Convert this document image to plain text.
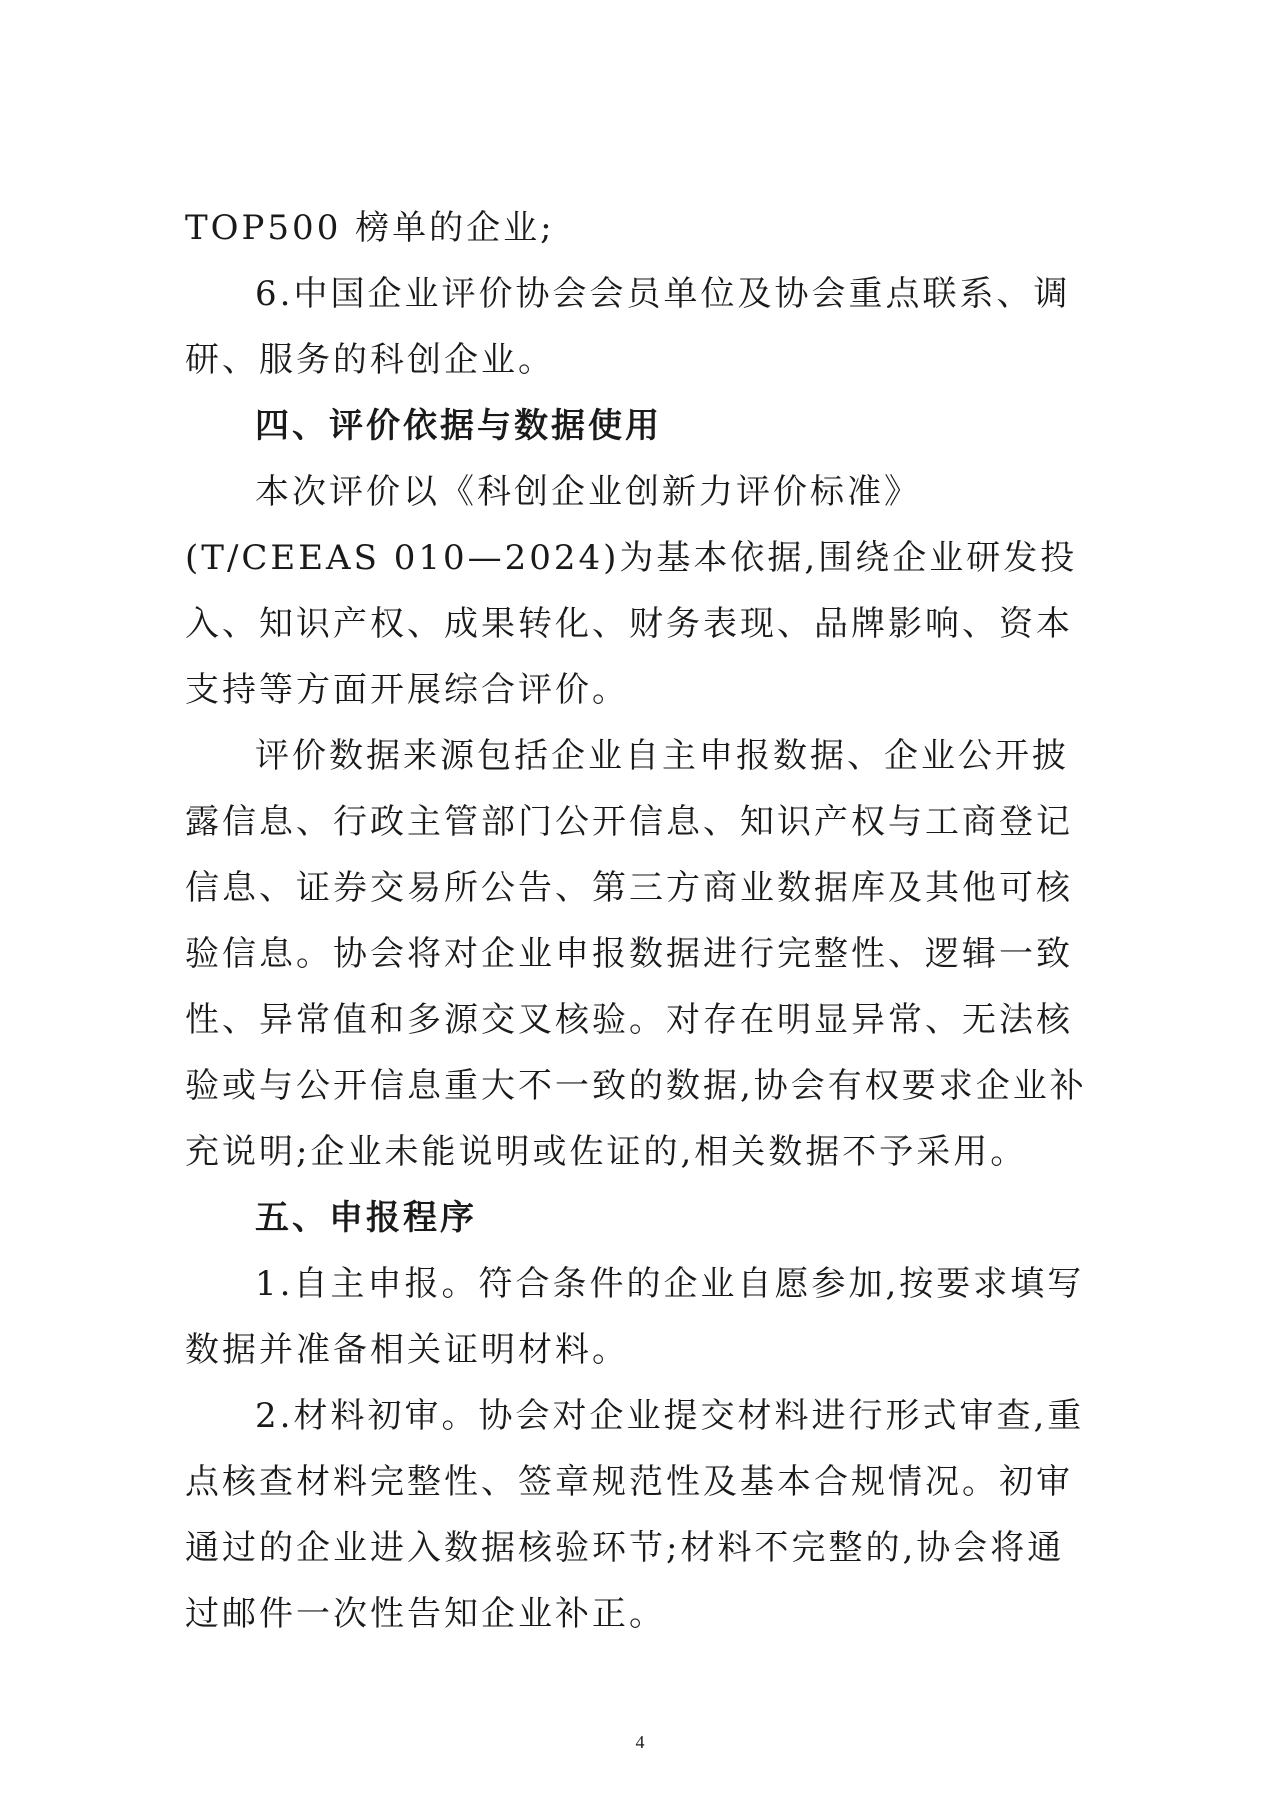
TOP500 榜单的企业;
6.中国企业评价协会会员单位及协会重点联系、调研、服务的科创企业。
四、评价依据与数据使用
本次评价以《科创企业创新力评价标准》(T/CEEAS 010—2024)为基本依据,围绕企业研发投入、知识产权、成果转化、财务表现、品牌影响、资本支持等方面开展综合评价。
评价数据来源包括企业自主申报数据、企业公开披露信息、行政主管部门公开信息、知识产权与工商登记信息、证券交易所公告、第三方商业数据库及其他可核验信息。协会将对企业申报数据进行完整性、逻辑一致性、异常值和多源交叉核验。对存在明显异常、无法核验或与公开信息重大不一致的数据,协会有权要求企业补充说明;企业未能说明或佐证的,相关数据不予采用。
五、申报程序
1.自主申报。符合条件的企业自愿参加,按要求填写数据并准备相关证明材料。
2.材料初审。协会对企业提交材料进行形式审查,重点核查材料完整性、签章规范性及基本合规情况。初审通过的企业进入数据核验环节;材料不完整的,协会将通过邮件一次性告知企业补正。
4
